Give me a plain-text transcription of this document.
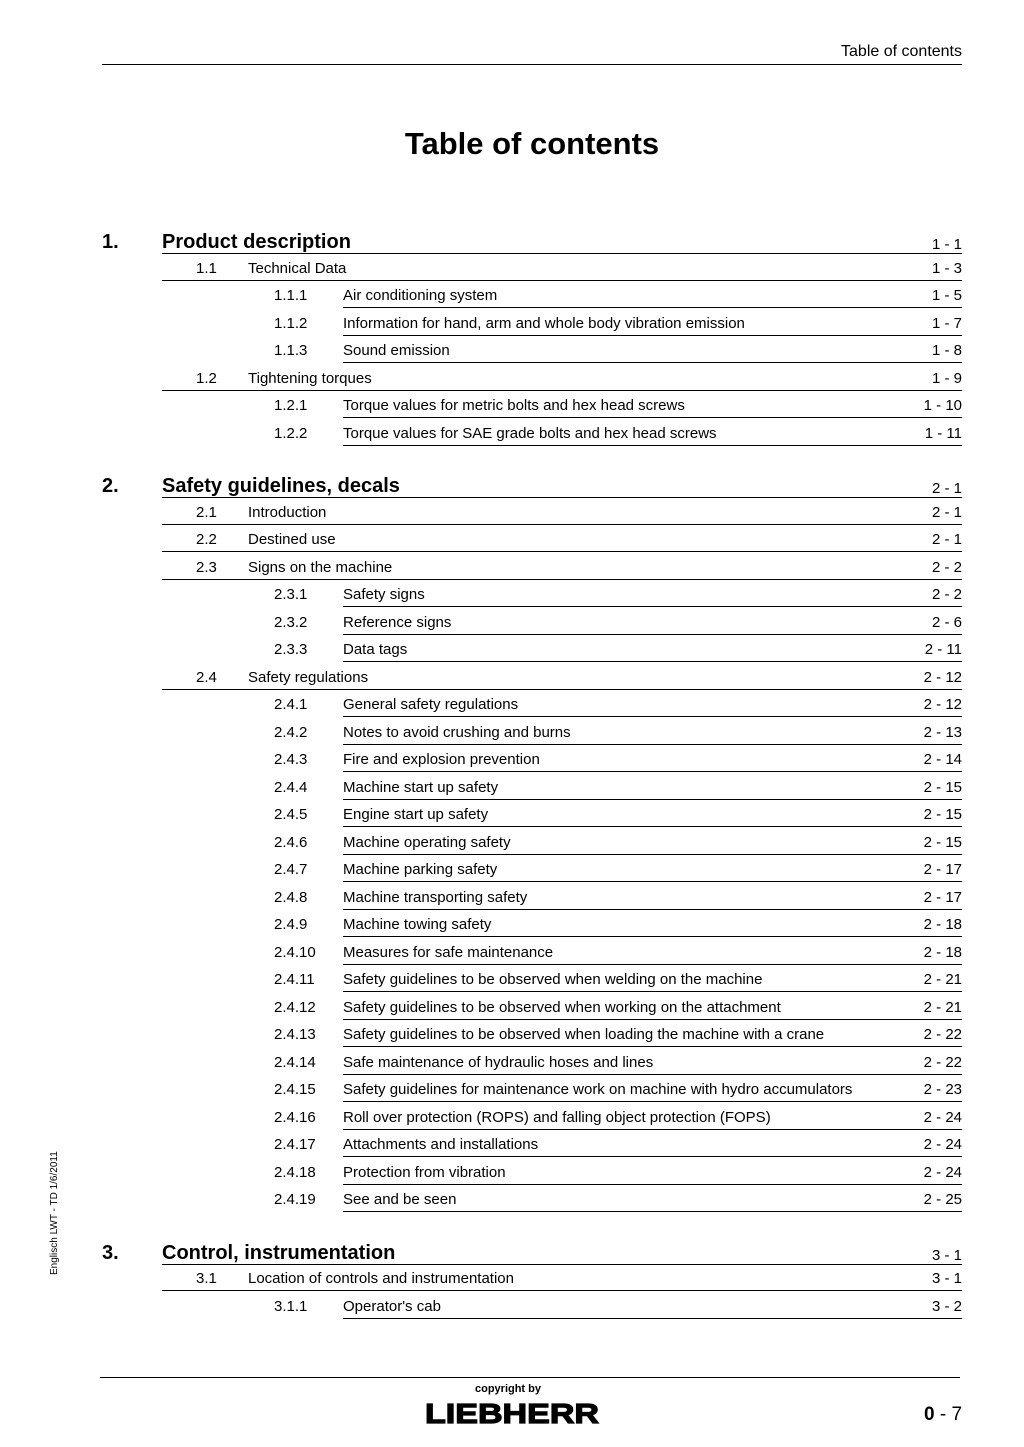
Table of contents
Table of contents
1. Product description	1 - 1
1.1 Technical Data	1 - 3
1.1.1 Air conditioning system	1 - 5
1.1.2 Information for hand, arm and whole body vibration emission	1 - 7
1.1.3 Sound emission	1 - 8
1.2 Tightening torques	1 - 9
1.2.1 Torque values for metric bolts and hex head screws	1 - 10
1.2.2 Torque values for SAE grade bolts and hex head screws	1 - 11
2. Safety guidelines, decals	2 - 1
2.1 Introduction	2 - 1
2.2 Destined use	2 - 1
2.3 Signs on the machine	2 - 2
2.3.1 Safety signs	2 - 2
2.3.2 Reference signs	2 - 6
2.3.3 Data tags	2 - 11
2.4 Safety regulations	2 - 12
2.4.1 General safety regulations	2 - 12
2.4.2 Notes to avoid crushing and burns	2 - 13
2.4.3 Fire and explosion prevention	2 - 14
2.4.4 Machine start up safety	2 - 15
2.4.5 Engine start up safety	2 - 15
2.4.6 Machine operating safety	2 - 15
2.4.7 Machine parking safety	2 - 17
2.4.8 Machine transporting safety	2 - 17
2.4.9 Machine towing safety	2 - 18
2.4.10 Measures for safe maintenance	2 - 18
2.4.11 Safety guidelines to be observed when welding on the machine	2 - 21
2.4.12 Safety guidelines to be observed when working on the attachment	2 - 21
2.4.13 Safety guidelines to be observed when loading the machine with a crane	2 - 22
2.4.14 Safe maintenance of hydraulic hoses and lines	2 - 22
2.4.15 Safety guidelines for maintenance work on machine with hydro accumulators	2 - 23
2.4.16 Roll over protection (ROPS) and falling object protection (FOPS)	2 - 24
2.4.17 Attachments and installations	2 - 24
2.4.18 Protection from vibration	2 - 24
2.4.19 See and be seen	2 - 25
3. Control, instrumentation	3 - 1
3.1 Location of controls and instrumentation	3 - 1
3.1.1 Operator's cab	3 - 2
Englisch LWT - TD 1/6/2011
copyright by
LIEBHERR	0 - 7
